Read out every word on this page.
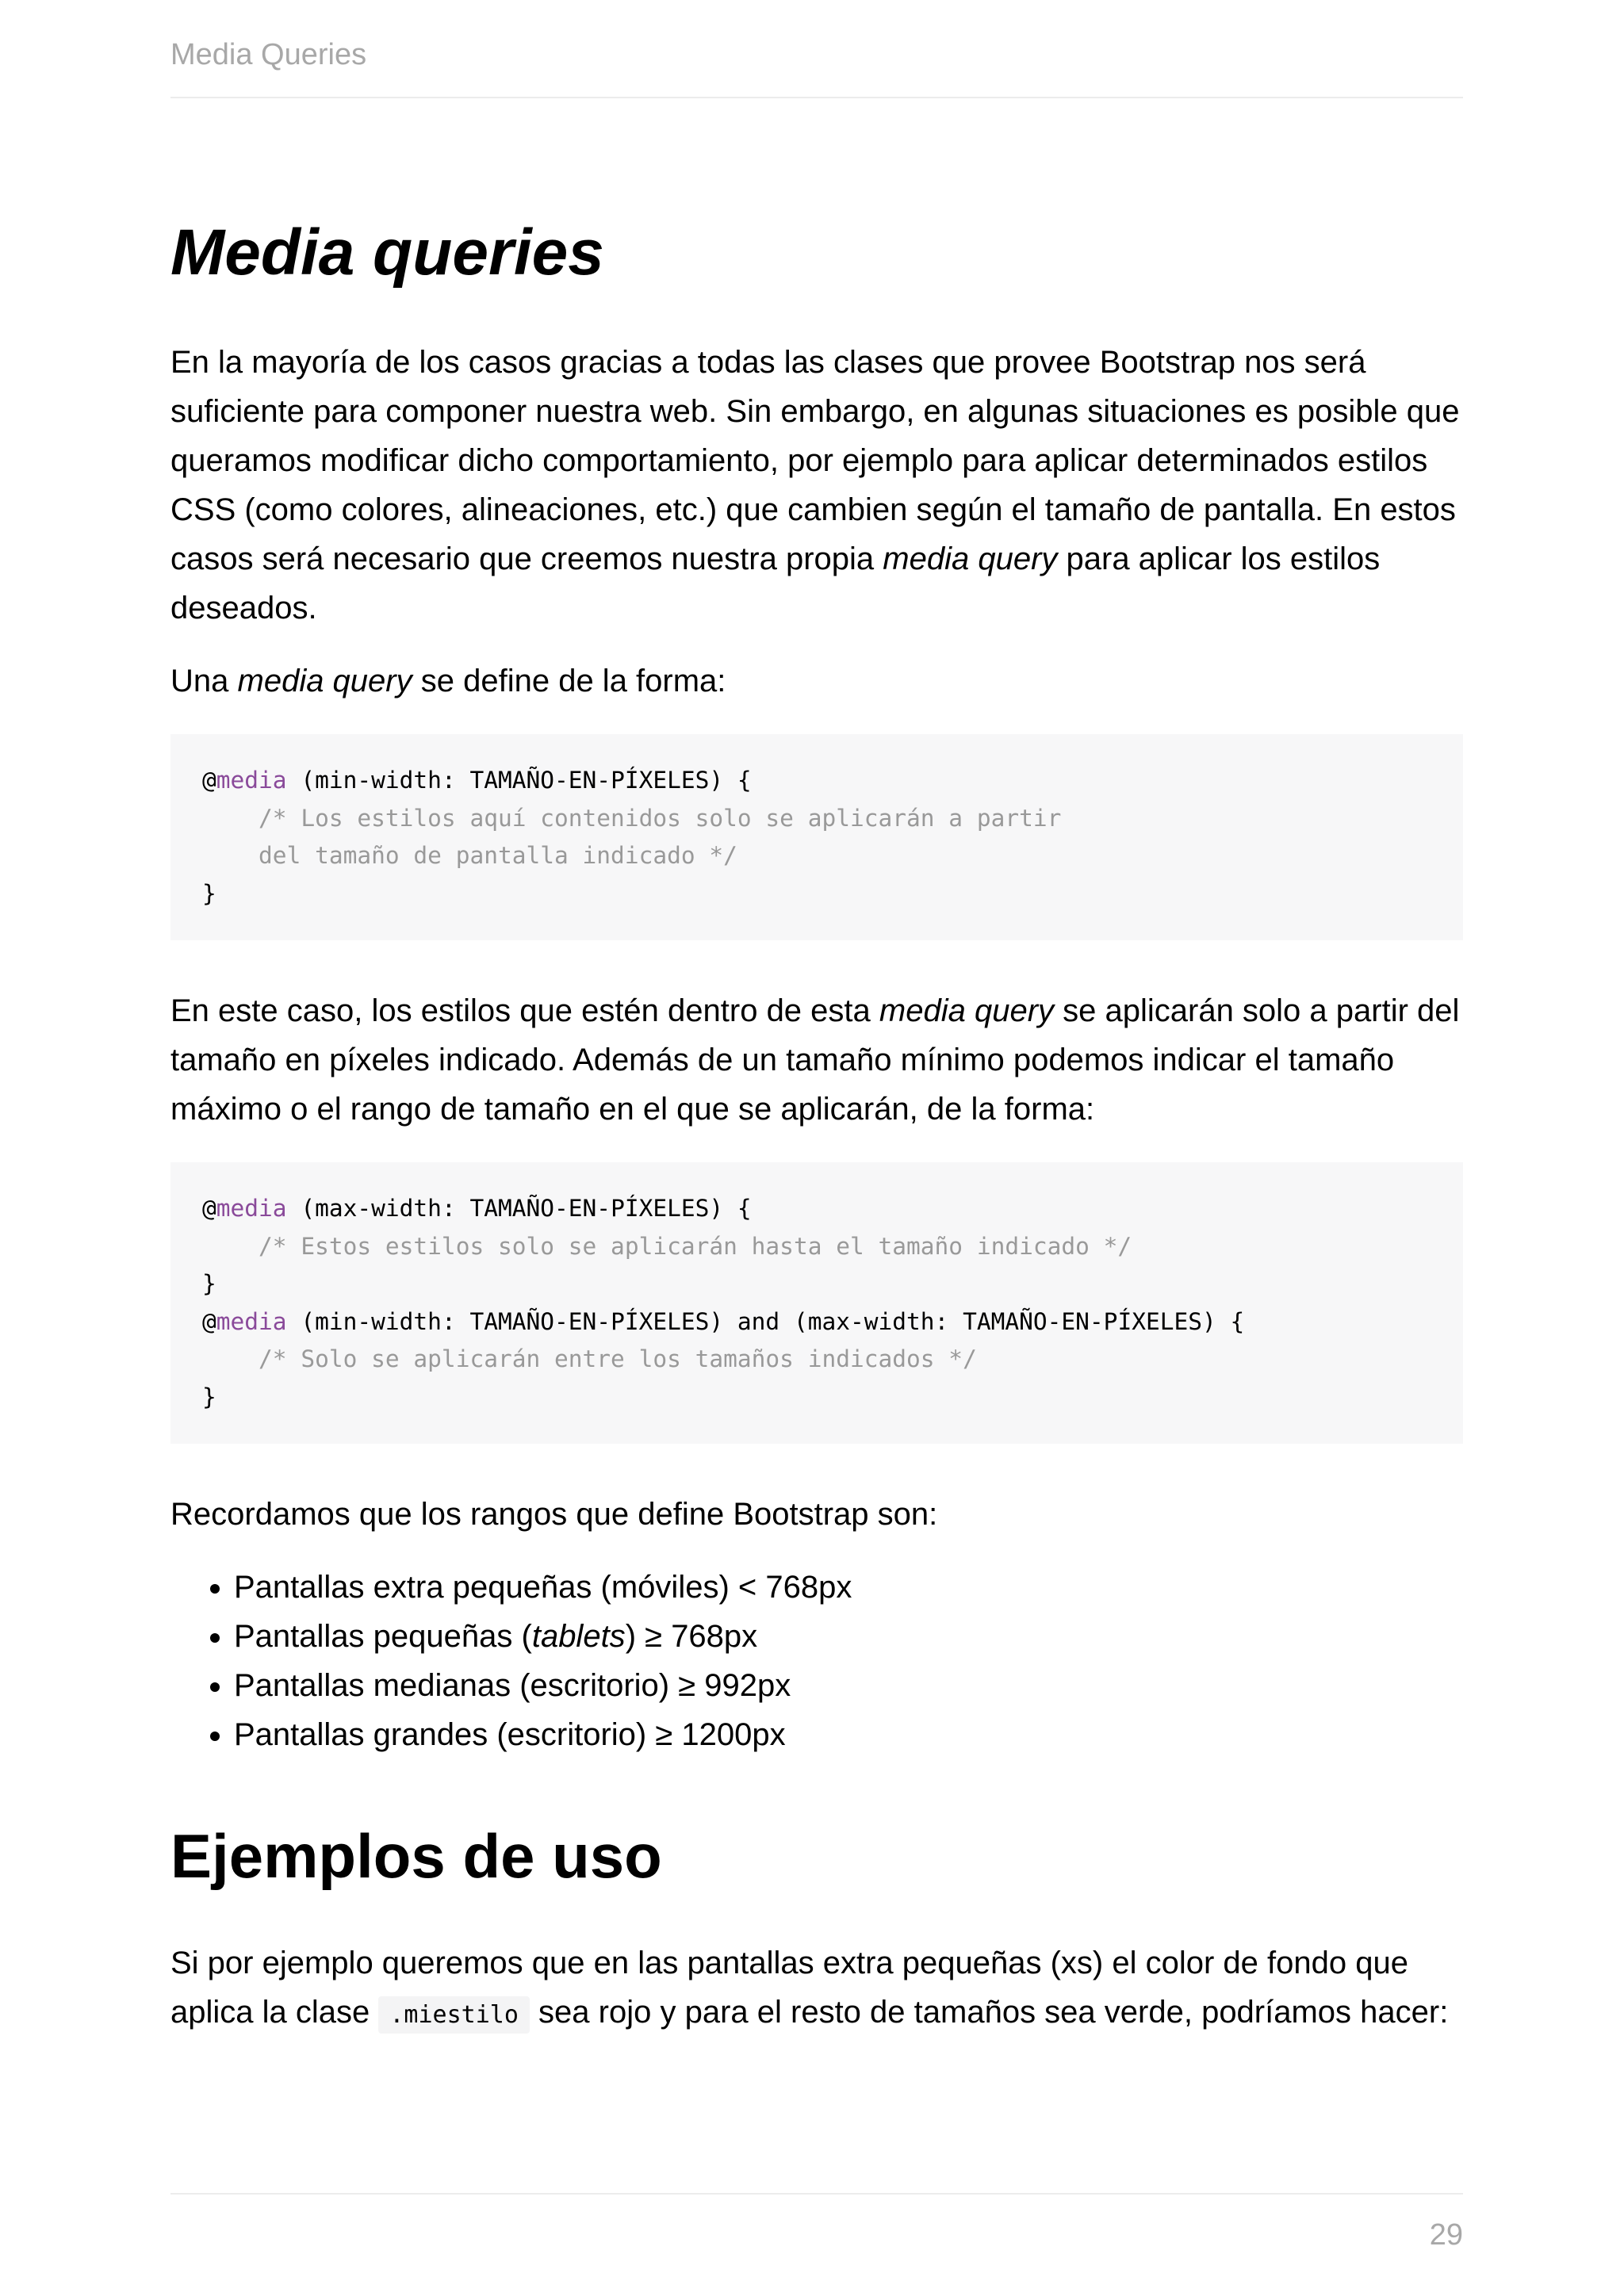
Media Queries
Media queries

En la mayoría de los casos gracias a todas las clases que provee Bootstrap nos será suficiente para componer nuestra web. Sin embargo, en algunas situaciones es posible que queramos modificar dicho comportamiento, por ejemplo para aplicar determinados estilos CSS (como colores, alineaciones, etc.) que cambien según el tamaño de pantalla. En estos casos será necesario que creemos nuestra propia media query para aplicar los estilos deseados.

Una media query se define de la forma:

@media (min-width: TAMAÑO-EN-PÍXELES) {
/* Los estilos aquí contenidos solo se aplicarán a partir
del tamaño de pantalla indicado */
}

En este caso, los estilos que estén dentro de esta media query se aplicarán solo a partir del tamaño en píxeles indicado. Además de un tamaño mínimo podemos indicar el tamaño máximo o el rango de tamaño en el que se aplicarán, de la forma:

@media (max-width: TAMAÑO-EN-PÍXELES) {
/* Estos estilos solo se aplicarán hasta el tamaño indicado */
}
@media (min-width: TAMAÑO-EN-PÍXELES) and (max-width: TAMAÑO-EN-PÍXELES) {
/* Solo se aplicarán entre los tamaños indicados */
}

Recordamos que los rangos que define Bootstrap son:

• Pantallas extra pequeñas (móviles) < 768px
• Pantallas pequeñas (tablets) ≥ 768px
• Pantallas medianas (escritorio) ≥ 992px
• Pantallas grandes (escritorio) ≥ 1200px
Ejemplos de uso

Si por ejemplo queremos que en las pantallas extra pequeñas (xs) el color de fondo que aplica la clase .miestilo sea rojo y para el resto de tamaños sea verde, podríamos hacer:

29
